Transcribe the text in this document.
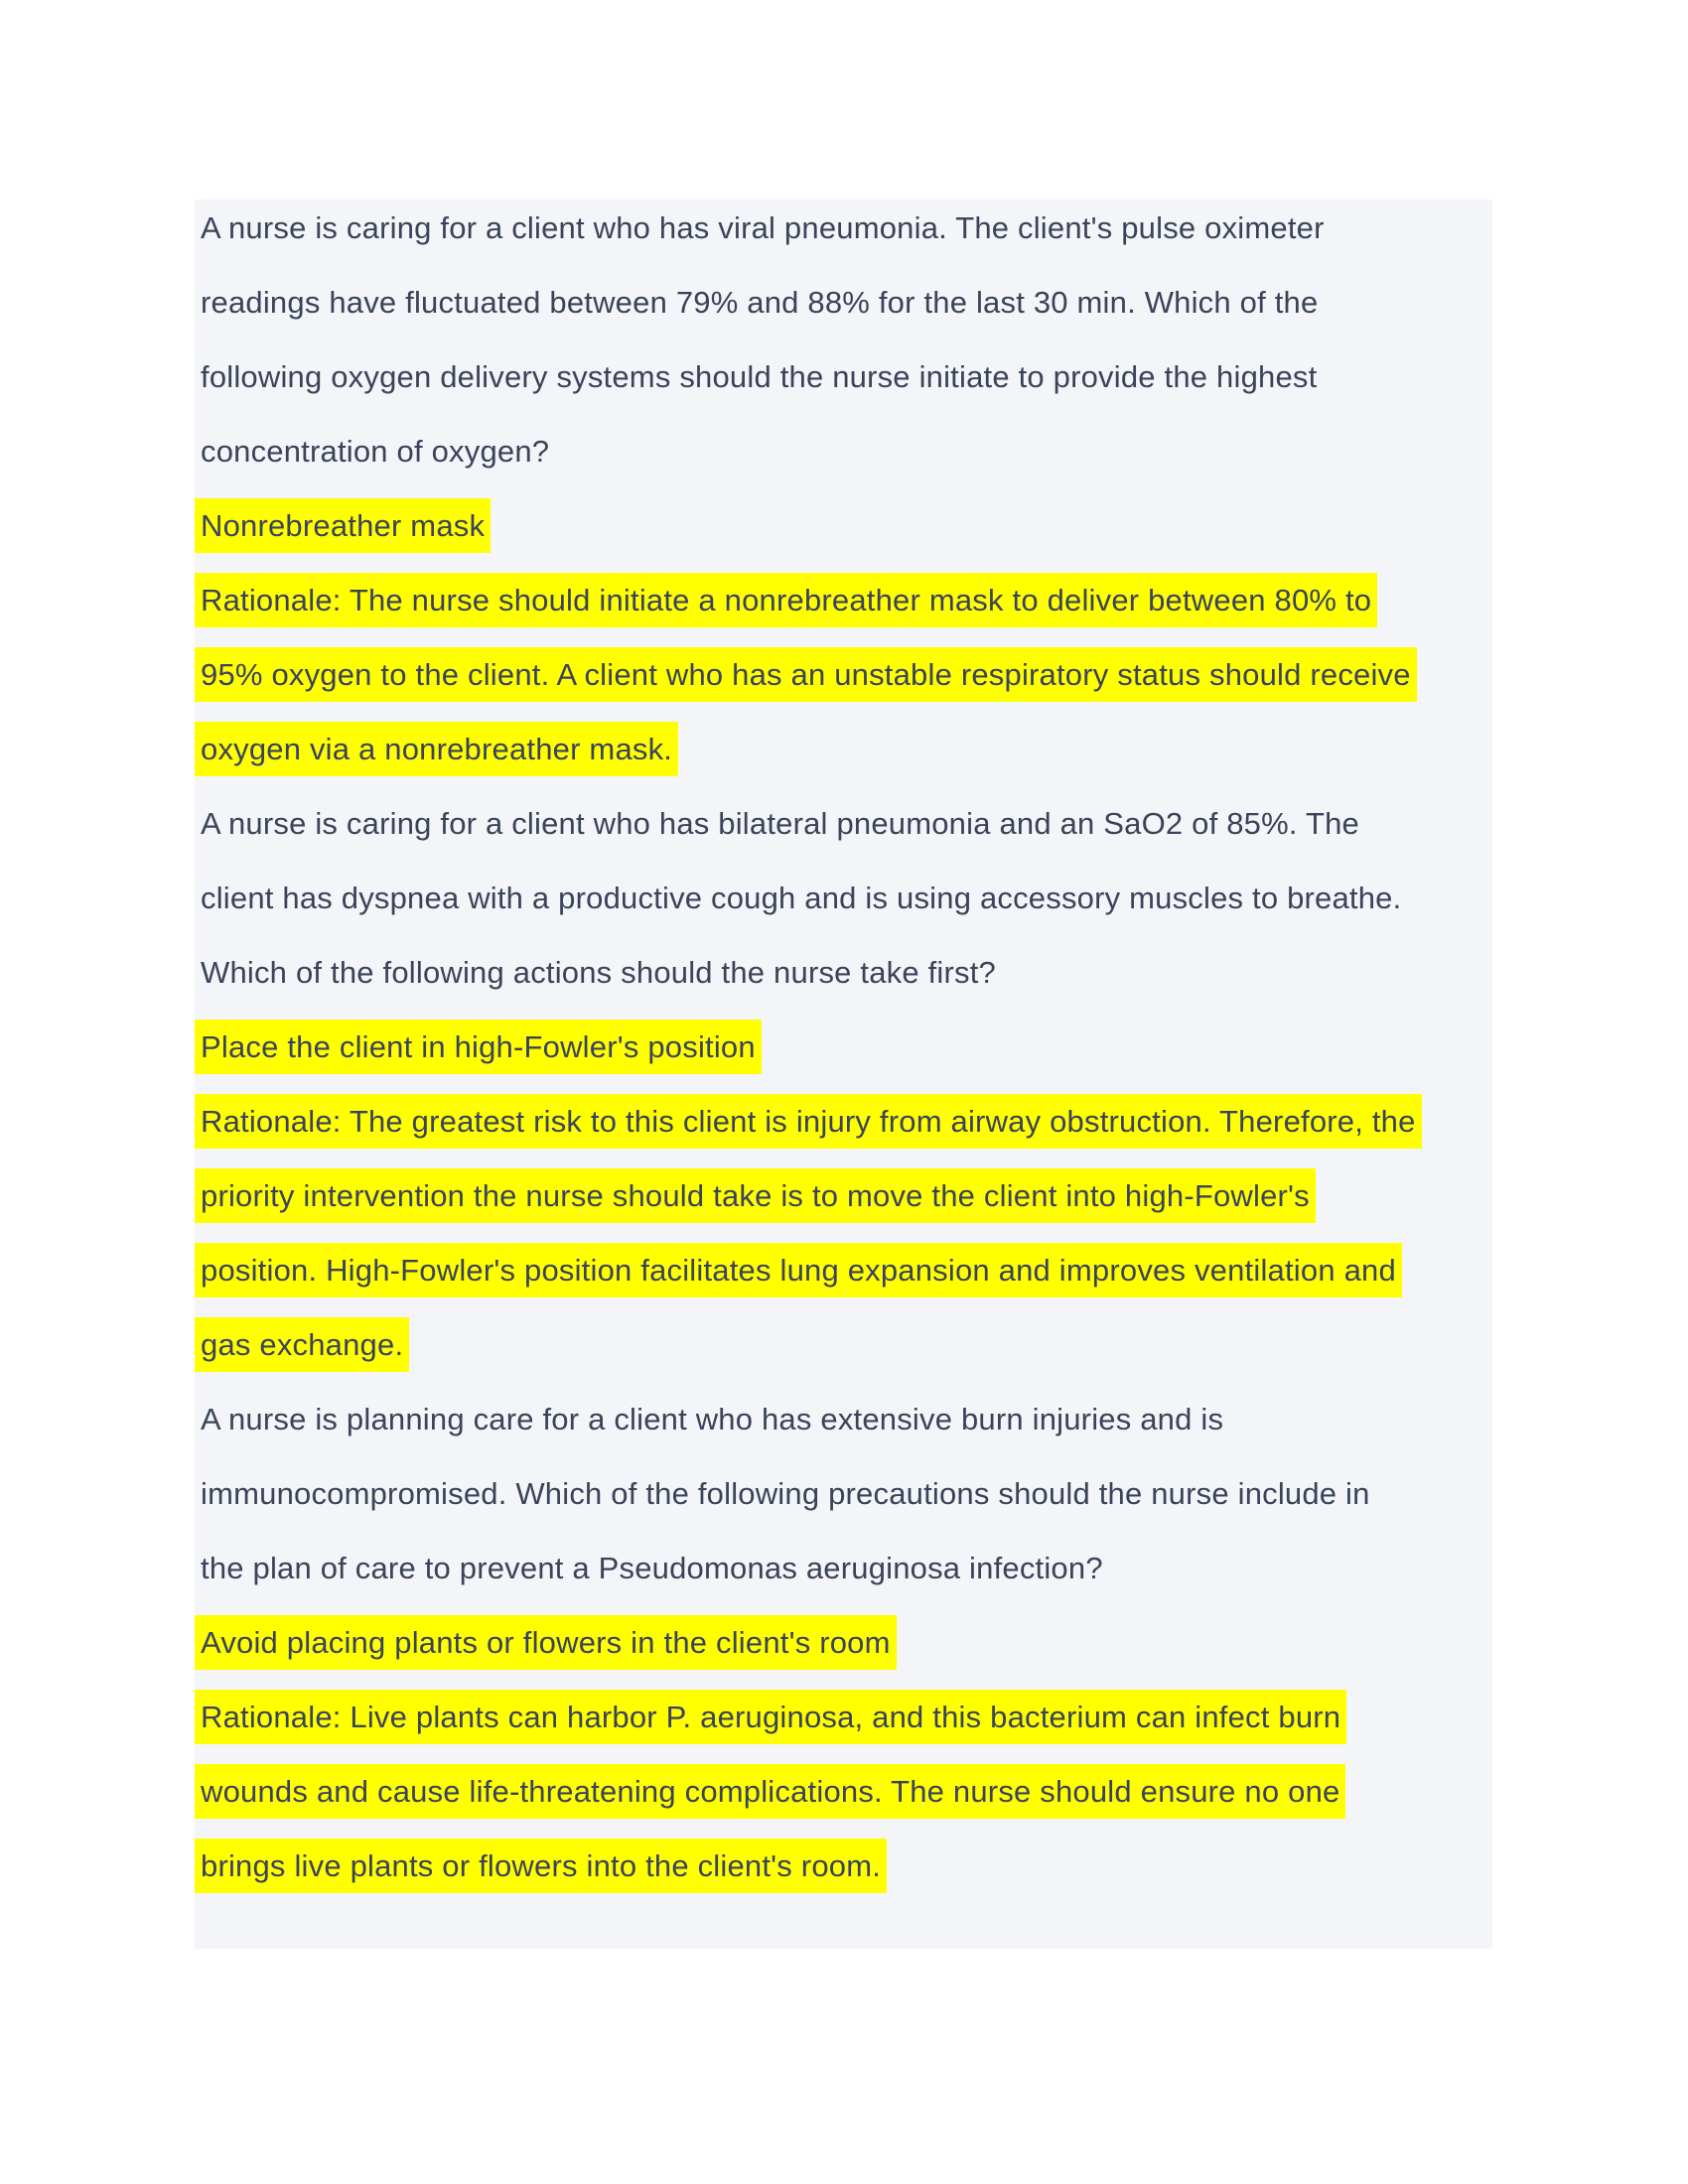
A nurse is caring for a client who has viral pneumonia. The client's pulse oximeter
readings have fluctuated between 79% and 88% for the last 30 min. Which of the
following oxygen delivery systems should the nurse initiate to provide the highest
concentration of oxygen?
Nonrebreather mask
Rationale: The nurse should initiate a nonrebreather mask to deliver between 80% to
95% oxygen to the client. A client who has an unstable respiratory status should receive
oxygen via a nonrebreather mask.
A nurse is caring for a client who has bilateral pneumonia and an SaO2 of 85%. The
client has dyspnea with a productive cough and is using accessory muscles to breathe.
Which of the following actions should the nurse take first?
Place the client in high-Fowler's position
Rationale: The greatest risk to this client is injury from airway obstruction. Therefore, the
priority intervention the nurse should take is to move the client into high-Fowler's
position. High-Fowler's position facilitates lung expansion and improves ventilation and
gas exchange.
A nurse is planning care for a client who has extensive burn injuries and is
immunocompromised. Which of the following precautions should the nurse include in
the plan of care to prevent a Pseudomonas aeruginosa infection?
Avoid placing plants or flowers in the client's room
Rationale: Live plants can harbor P. aeruginosa, and this bacterium can infect burn
wounds and cause life-threatening complications. The nurse should ensure no one
brings live plants or flowers into the client's room.
